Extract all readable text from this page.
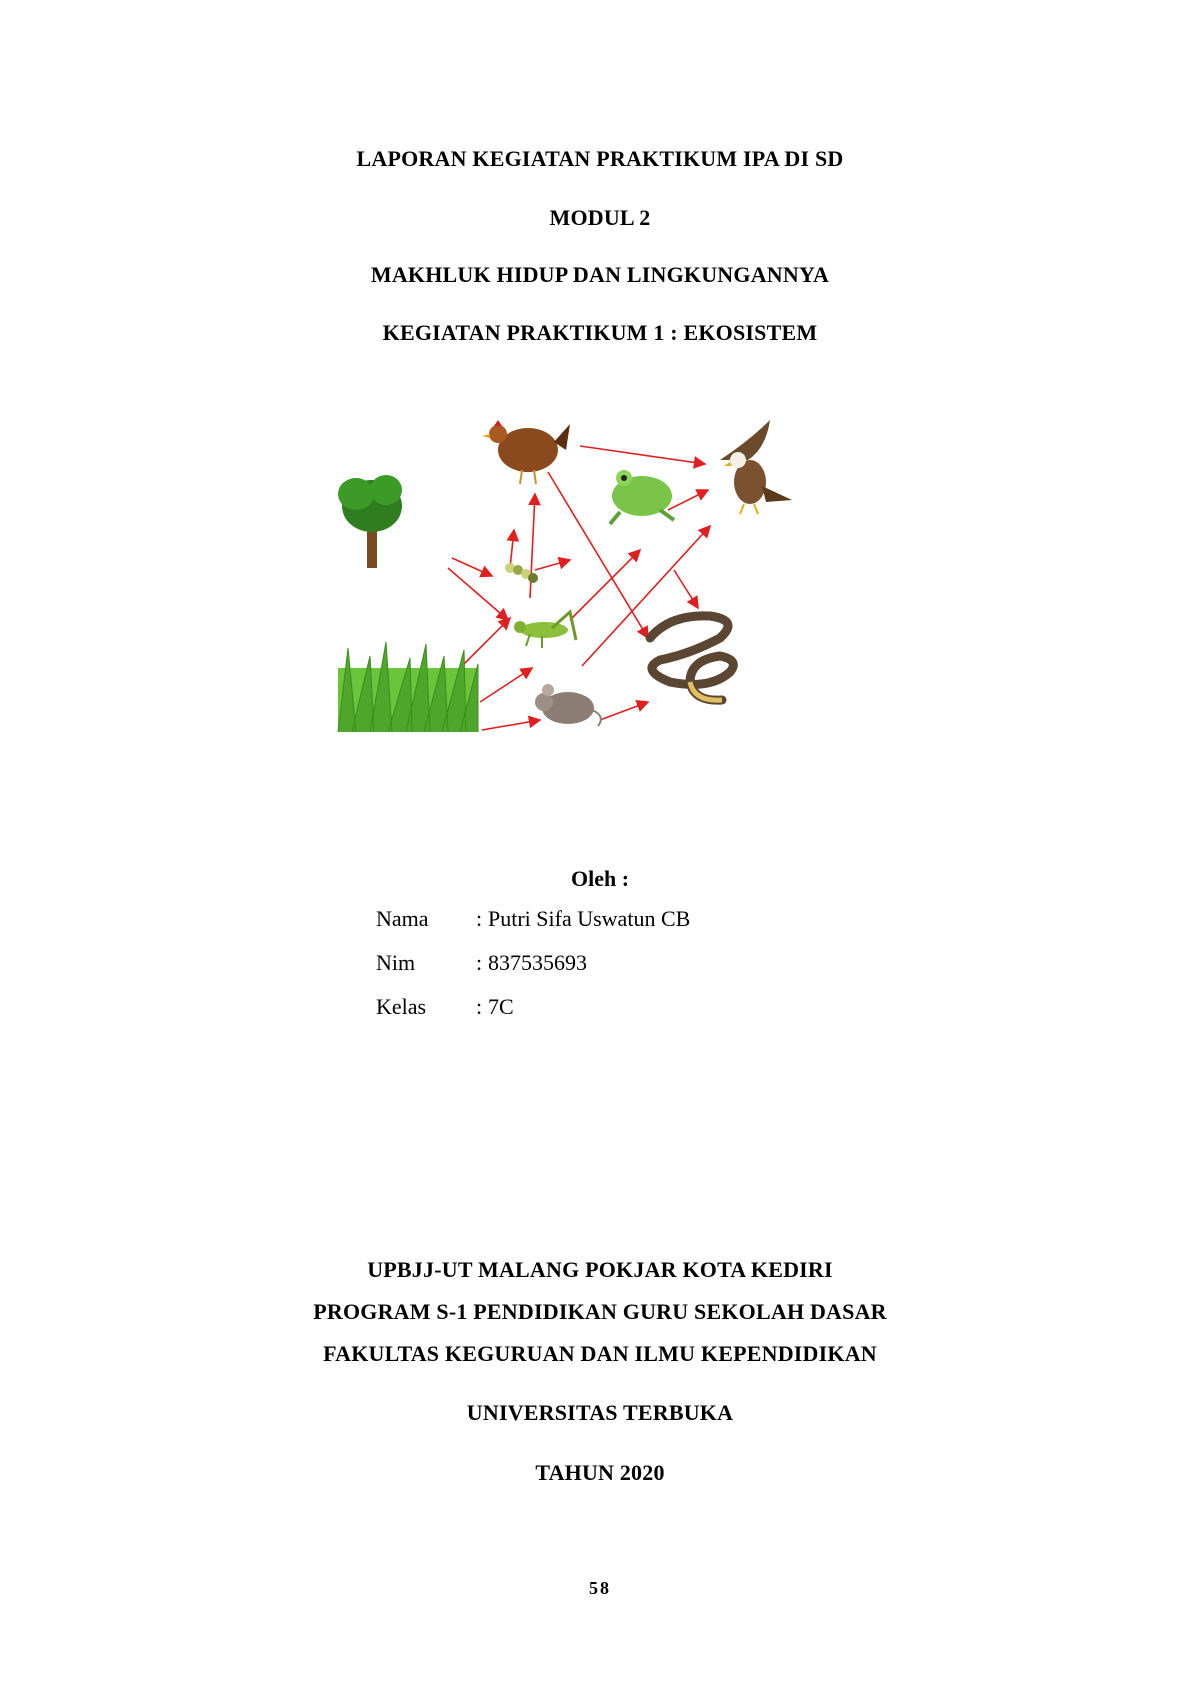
LAPORAN KEGIATAN PRAKTIKUM IPA DI SD
MODUL 2
MAKHLUK HIDUP DAN LINGKUNGANNYA
KEGIATAN PRAKTIKUM 1 : EKOSISTEM
Oleh :
Nama	: Putri Sifa Uswatun CB
Nim	: 837535693
Kelas	: 7C
UPBJJ-UT MALANG POKJAR KOTA KEDIRI
PROGRAM S-1 PENDIDIKAN GURU SEKOLAH DASAR
FAKULTAS KEGURUAN DAN ILMU KEPENDIDIKAN
UNIVERSITAS TERBUKA
TAHUN 2020
58
